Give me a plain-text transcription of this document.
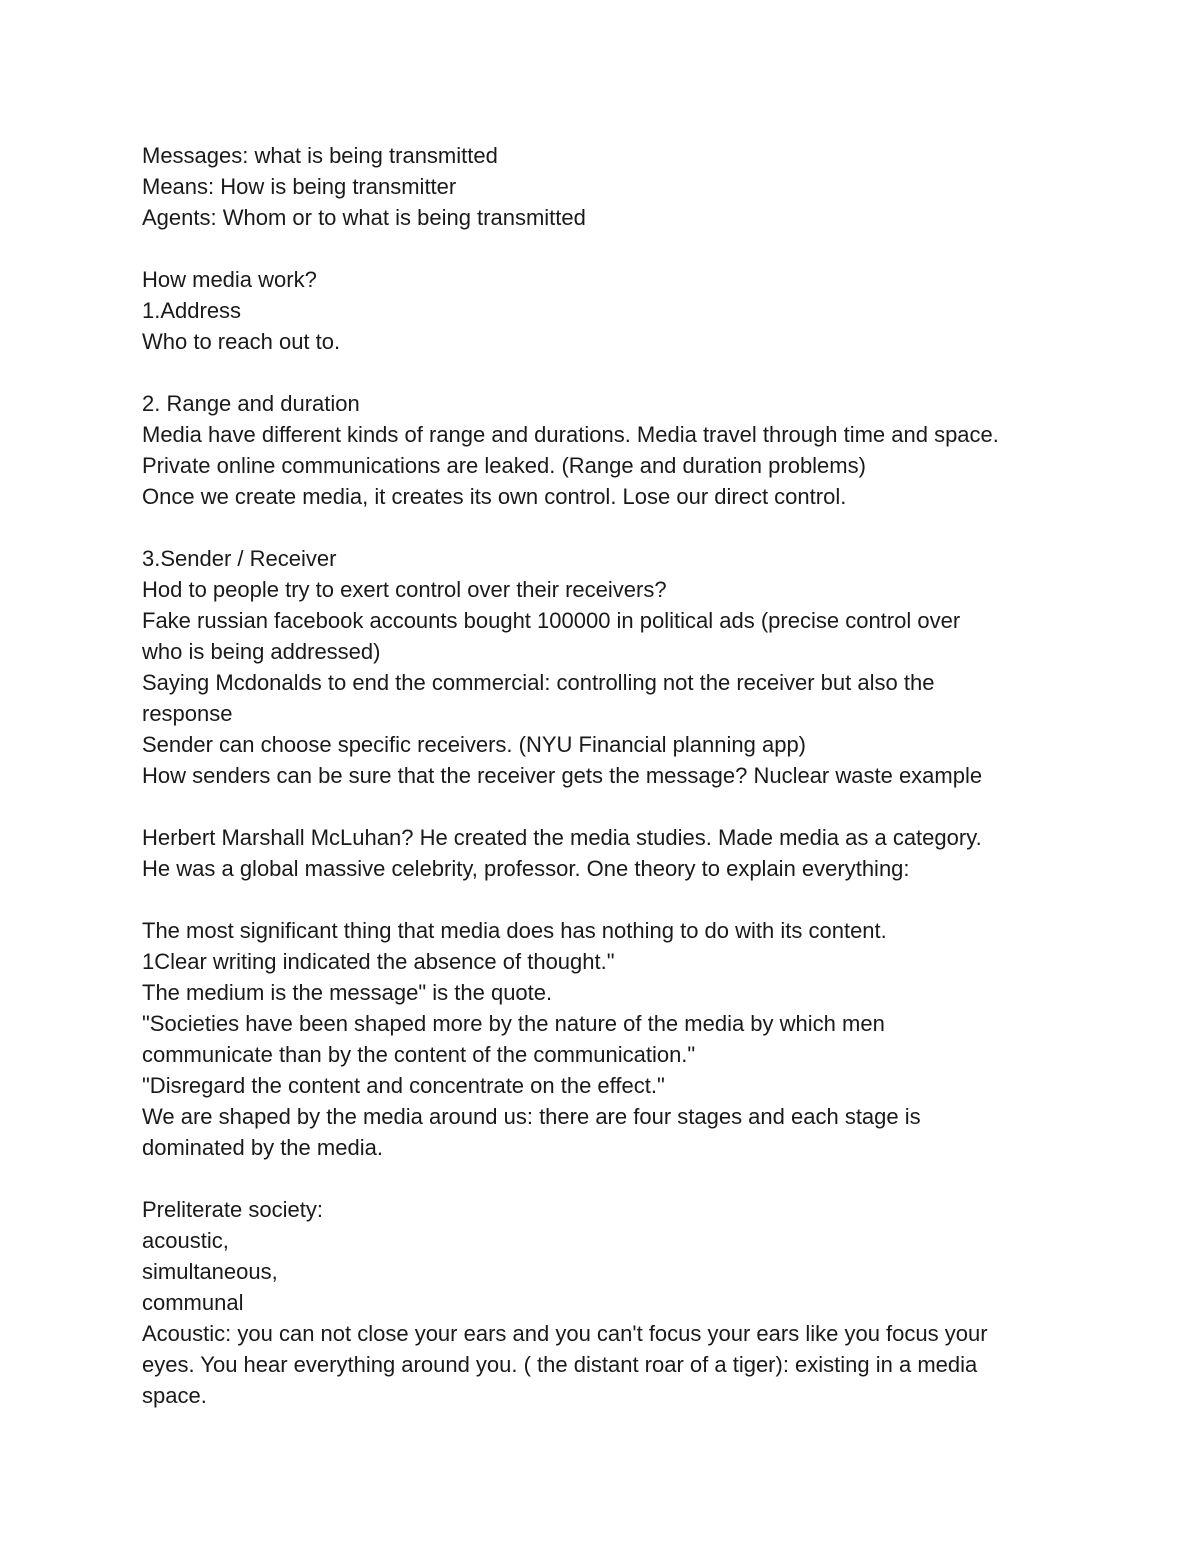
Messages: what is being transmitted
Means: How is being transmitter
Agents: Whom or to what is being transmitted
How media work?
1.Address
Who to reach out to.
2. Range and duration
Media have different kinds of range and durations. Media travel through time and space.
Private online communications are leaked. (Range and duration problems)
Once we create media, it creates its own control. Lose our direct control.
3.Sender / Receiver
Hod to people try to exert control over their receivers?
Fake russian facebook accounts bought 100000 in political ads (precise control over
who is being addressed)
Saying Mcdonalds to end the commercial: controlling not the receiver but also the
response
Sender can choose specific receivers. (NYU Financial planning app)
How senders can be sure that the receiver gets the message? Nuclear waste example
Herbert Marshall McLuhan? He created the media studies. Made media as a category.
He was a global massive celebrity, professor. One theory to explain everything:
The most significant thing that media does has nothing to do with its content.
1Clear writing indicated the absence of thought."
The medium is the message" is the quote.
"Societies have been shaped more by the nature of the media by which men
communicate than by the content of the communication."
"Disregard the content and concentrate on the effect."
We are shaped by the media around us: there are four stages and each stage is
dominated by the media.
Preliterate society:
acoustic,
simultaneous,
communal
Acoustic: you can not close your ears and you can't focus your ears like you focus your
eyes. You hear everything around you. ( the distant roar of a tiger): existing in a media
space.
